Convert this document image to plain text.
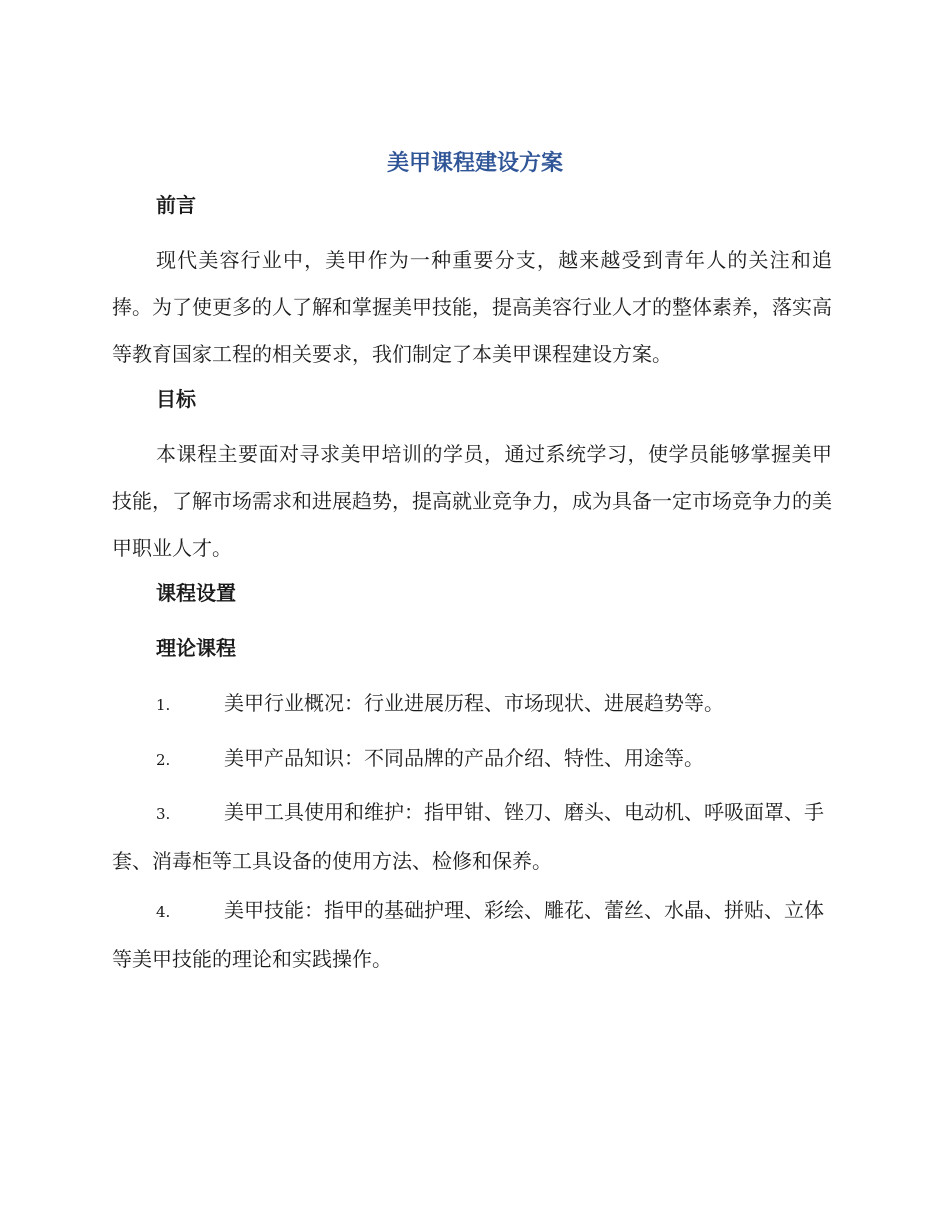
美甲课程建设方案
前言
现代美容行业中，美甲作为一种重要分支，越来越受到青年人的关注和追捧。为了使更多的人了解和掌握美甲技能，提高美容行业人才的整体素养，落实高等教育国家工程的相关要求，我们制定了本美甲课程建设方案。
目标
本课程主要面对寻求美甲培训的学员，通过系统学习，使学员能够掌握美甲技能，了解市场需求和进展趋势，提高就业竞争力，成为具备一定市场竞争力的美甲职业人才。
课程设置
理论课程
1.	美甲行业概况：行业进展历程、市场现状、进展趋势等。
2.	美甲产品知识：不同品牌的产品介绍、特性、用途等。
3.	美甲工具使用和维护：指甲钳、锉刀、磨头、电动机、呼吸面罩、手套、消毒柜等工具设备的使用方法、检修和保养。
4.	美甲技能：指甲的基础护理、彩绘、雕花、蕾丝、水晶、拼贴、立体等美甲技能的理论和实践操作。
